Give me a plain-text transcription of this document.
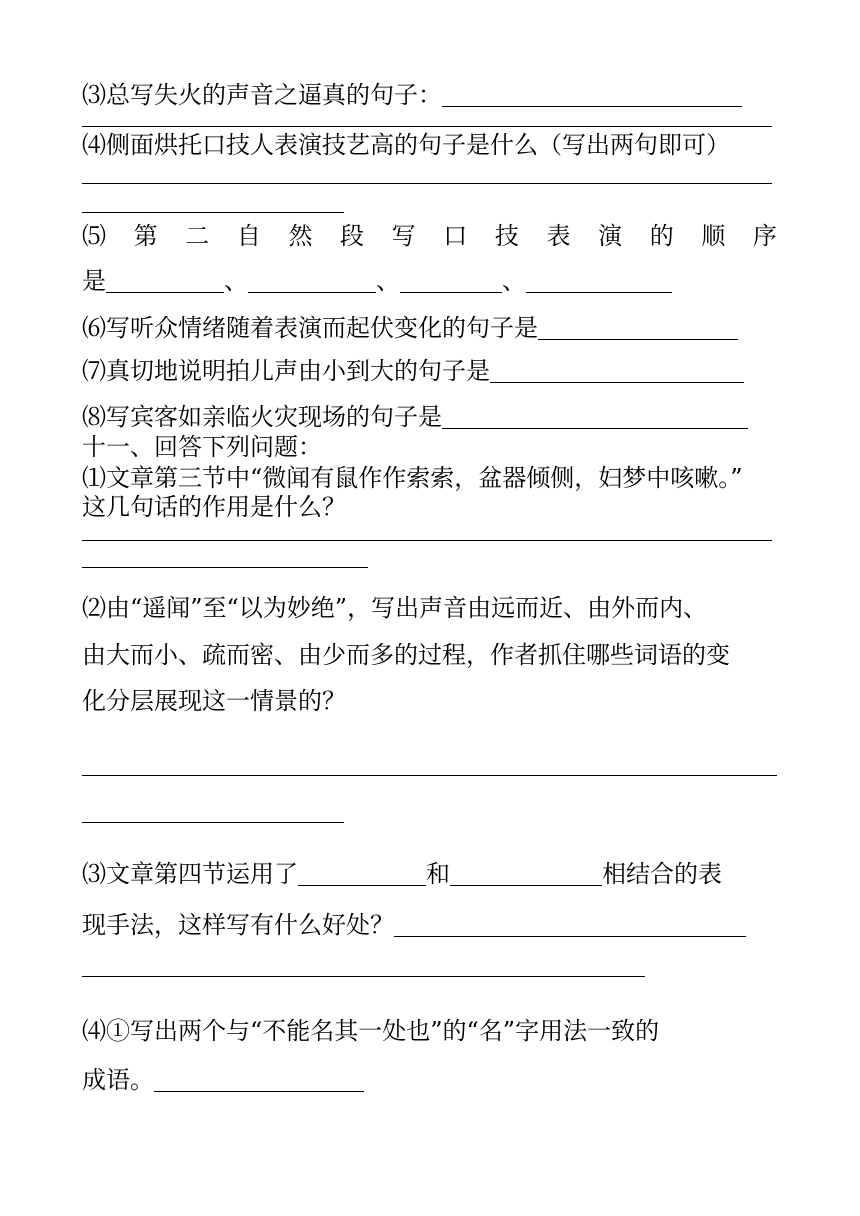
⑶总写失火的声音之逼真的句子：
⑷侧面烘托口技人表演技艺高的句子是什么（写出两句即可）
⑸ 第 二 自 然 段 写 口 技 表 演 的 顺 序
是	、	、	、
⑹写听众情绪随着表演而起伏变化的句子是
⑺真切地说明拍儿声由小到大的句子是
⑻写宾客如亲临火灾现场的句子是
十一、回答下列问题：
⑴文章第三节中“微闻有鼠作作索索，盆器倾侧，妇梦中咳嗽。”
这几句话的作用是什么？
⑵由“遥闻”至“以为妙绝”，写出声音由远而近、由外而内、
由大而小、疏而密、由少而多的过程，作者抓住哪些词语的变
化分层展现这一情景的？
⑶文章第四节运用了	和	相结合的表
现手法，这样写有什么好处？
⑷①写出两个与“不能名其一处也”的“名”字用法一致的
成语。
